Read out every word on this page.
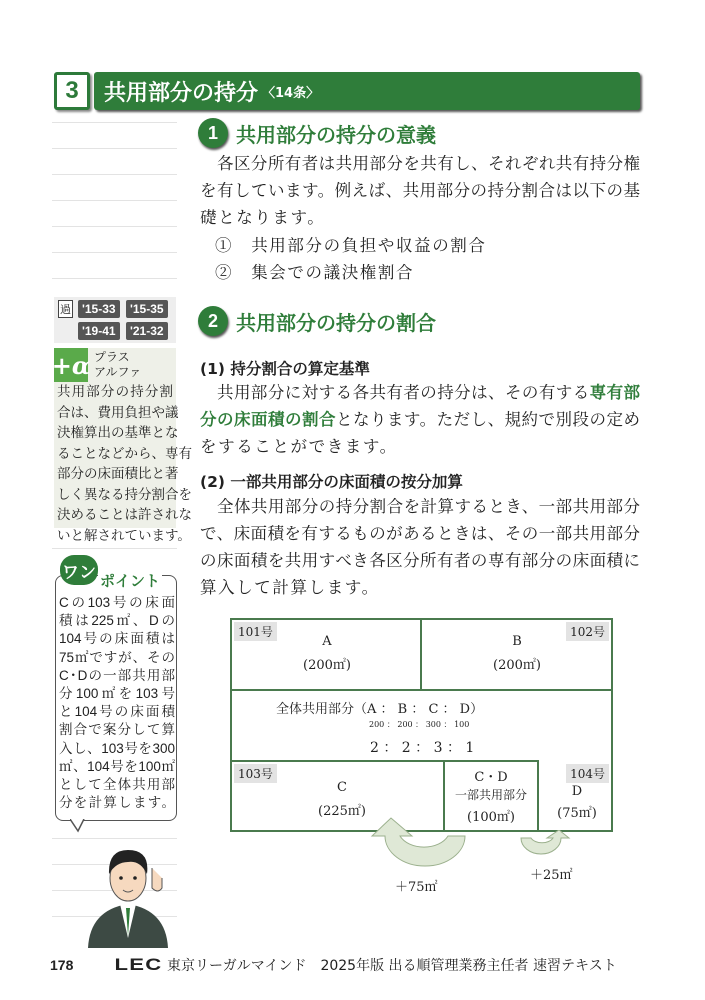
3	共用部分の持分 〈14条〉
1 共用部分の持分の意義
各区分所有者は共用部分を共有し、それぞれ共有持分権
を有しています。例えば、共用部分の持分割合は以下の基
礎となります。
①　共用部分の負担や収益の割合
②　集会での議決権割合
2 共用部分の持分の割合
(1) 持分割合の算定基準
共用部分に対する各共有者の持分は、その有する専有部
分の床面積の割合となります。ただし、規約で別段の定め
をすることができます。
(2) 一部共用部分の床面積の按分加算
全体共用部分の持分割合を計算するとき、一部共用部分
で、床面積を有するものがあるときは、その一部共用部分
の床面積を共用すべき各区分所有者の専有部分の床面積に
算入して計算します。
過 '15-33	'15-35
'19-41	'21-32
+α プラス
アルファ
共用部分の持分割
合は、費用負担や議
決権算出の基準とな
ることなどから、専有
部分の床面積比と著
しく異なる持分割合を
決めることは許されな
いと解されています。
ワン ポイント
Cの103号の床面
積は225㎡、Dの
104号の床面積は
75㎡ですが、その
C･Dの一部共用部
分100㎡を103号
と104号の床面積
割合で案分して算
入し、103号を300
㎡、104号を100㎡
として全体共用部
分を計算します。
101号
A
(200㎡)
102号
B
(200㎡)
全体共用部分（A ： B ： C ： D）
200 ： 200 ： 300 ： 100
2 ： 2 ： 3 ： 1
103号
C
(225㎡)
C・D
一部共用部分
(100㎡)
104号
D
(75㎡)
＋75㎡
＋25㎡
178	LEC 東京リーガルマインド 2025年版 出る順管理業務主任者 速習テキスト
